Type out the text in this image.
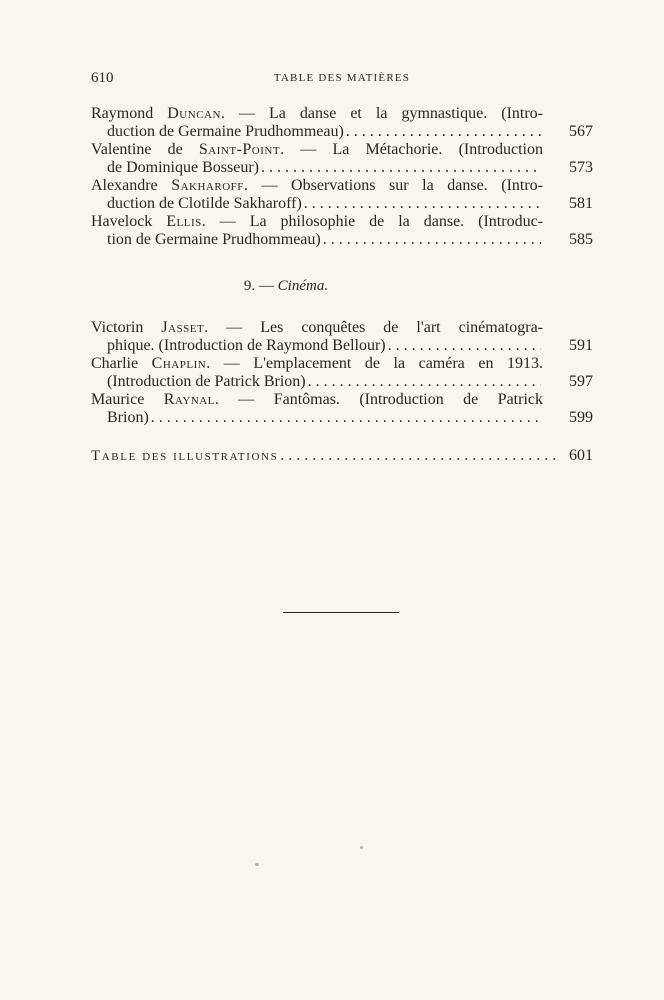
610	TABLE DES MATIÈRES
Raymond Duncan. — La danse et la gymnastique. (Intro-
duction de Germaine Prudhommeau) . . .	567
Valentine de Saint-Point. — La Métachorie. (Introduction
de Dominique Bosseur) . . .	573
Alexandre Sakharoff. — Observations sur la danse. (Intro-
duction de Clotilde Sakharoff) . . .	581
Havelock Ellis. — La philosophie de la danse. (Introduc-
tion de Germaine Prudhommeau) . . .	585
9. — Cinéma.
Victorin Jasset. — Les conquêtes de l'art cinématogra-
phique. (Introduction de Raymond Bellour) . . .	591
Charlie Chaplin. — L'emplacement de la caméra en 1913.
(Introduction de Patrick Brion) . . .	597
Maurice Raynal. — Fantômas. (Introduction de Patrick
Brion) . . .	599
Table des illustrations . . .	601
